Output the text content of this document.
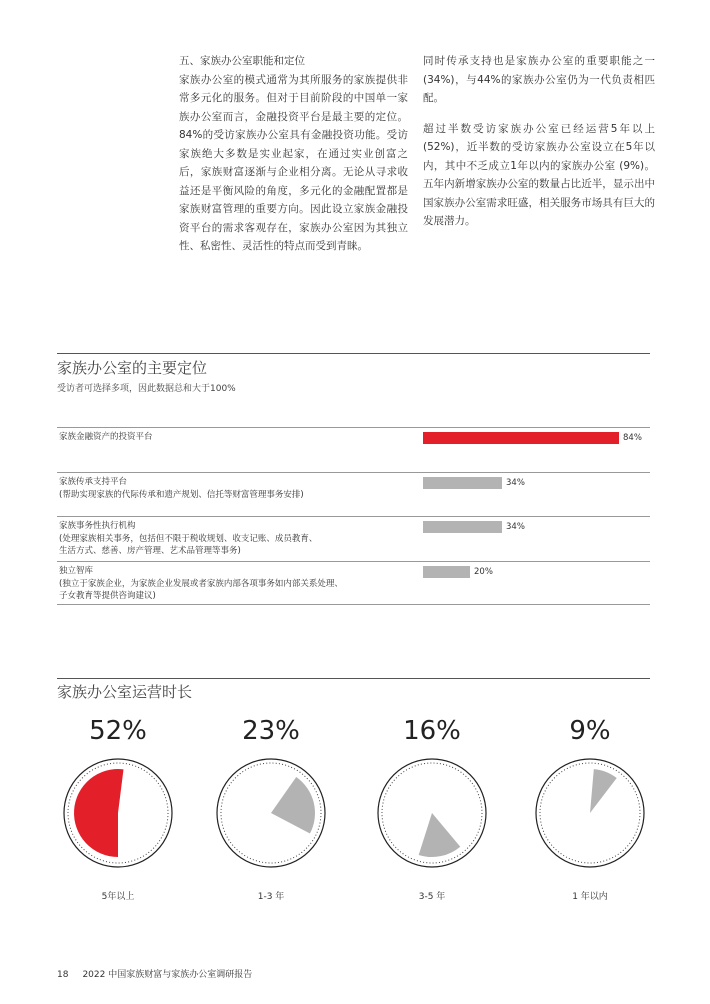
五、家族办公室职能和定位

家族办公室的模式通常为其所服务的家族提供非常多元化的服务。但对于目前阶段的中国单一家族办公室而言，金融投资平台是最主要的定位。84%的受访家族办公室具有金融投资功能。受访家族绝大多数是实业起家，在通过实业创富之后，家族财富逐渐与企业相分离。无论从寻求收益还是平衡风险的角度，多元化的金融配置都是家族财富管理的重要方向。因此设立家族金融投资平台的需求客观存在，家族办公室因为其独立性、私密性、灵活性的特点而受到青睐。

同时传承支持也是家族办公室的重要职能之一(34%)，与44%的家族办公室仍为一代负责相匹配。

超过半数受访家族办公室已经运营5年以上(52%)，近半数的受访家族办公室设立在5年以内，其中不乏成立1年以内的家族办公室 (9%)。五年内新增家族办公室的数量占比近半，显示出中国家族办公室需求旺盛，相关服务市场具有巨大的发展潜力。

家族办公室的主要定位
受访者可选择多项，因此数据总和大于100%
家族金融资产的投资平台	84%
家族传承支持平台
(帮助实现家族的代际传承和遗产规划、信托等财富管理事务安排)
34%
家族事务性执行机构
(处理家族相关事务，包括但不限于税收规划、收支记账、成员教育、
生活方式、慈善、房产管理、艺术品管理等事务)
34%
独立智库
(独立于家族企业，为家族企业发展或者家族内部各项事务如内部关系处理、
子女教育等提供咨询建议)
20%
家族办公室运营时长
52%
5年以上
23%
1-3 年
16%
3-5 年
9%
1 年以内
18 2022 中国家族财富与家族办公室调研报告
